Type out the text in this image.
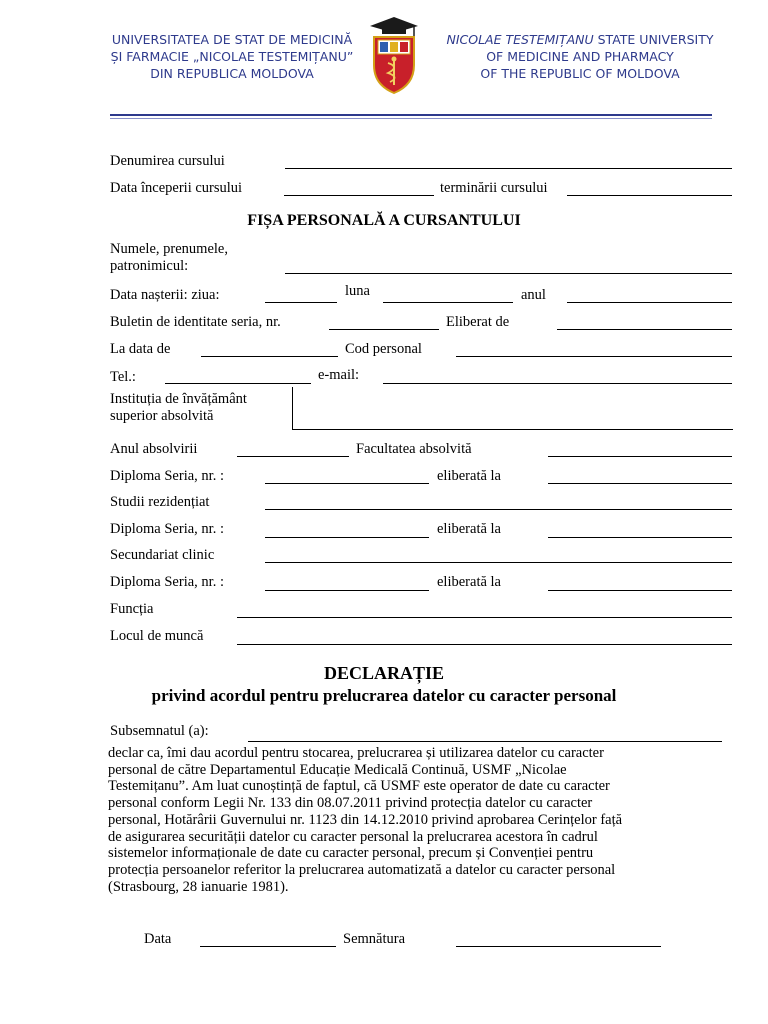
UNIVERSITATEA DE STAT DE MEDICINĂ
ȘI FARMACIE „NICOLAE TESTEMIȚANU”
DIN REPUBLICA MOLDOVA
NICOLAE TESTEMIȚANU STATE UNIVERSITY
OF MEDICINE AND PHARMACY
OF THE REPUBLIC OF MOLDOVA
Denumirea cursului
Data începerii cursului	terminării cursului
FIȘA PERSONALĂ A CURSANTULUI
Numele, prenumele,
patronimicul:
Data nașterii: ziua:	luna	anul
Buletin de identitate seria, nr.	Eliberat de
La data de	Cod personal
Tel.:	e-mail:
Instituția de învățământ
superior absolvită
Anul absolvirii	Facultatea absolvită
Diploma Seria, nr. :	eliberată la
Studii rezidențiat
Diploma Seria, nr. :	eliberată la
Secundariat clinic
Diploma Seria, nr. :	eliberată la
Funcția
Locul de muncă
DECLARAȚIE
privind acordul pentru prelucrarea datelor cu caracter personal
Subsemnatul (a):
declar ca, îmi dau acordul pentru stocarea, prelucrarea și utilizarea datelor cu caracter
personal de către Departamentul Educație Medicală Continuă, USMF „Nicolae
Testemițanu”. Am luat cunoștință de faptul, că USMF este operator de date cu caracter
personal conform Legii Nr. 133 din 08.07.2011 privind protecția datelor cu caracter
personal, Hotărârii Guvernului nr. 1123 din 14.12.2010 privind aprobarea Cerințelor față
de asigurarea securității datelor cu caracter personal la prelucrarea acestora în cadrul
sistemelor informaționale de date cu caracter personal, precum și Convenției pentru
protecția persoanelor referitor la prelucrarea automatizată a datelor cu caracter personal
(Strasbourg, 28 ianuarie 1981).
Data	Semnătura
